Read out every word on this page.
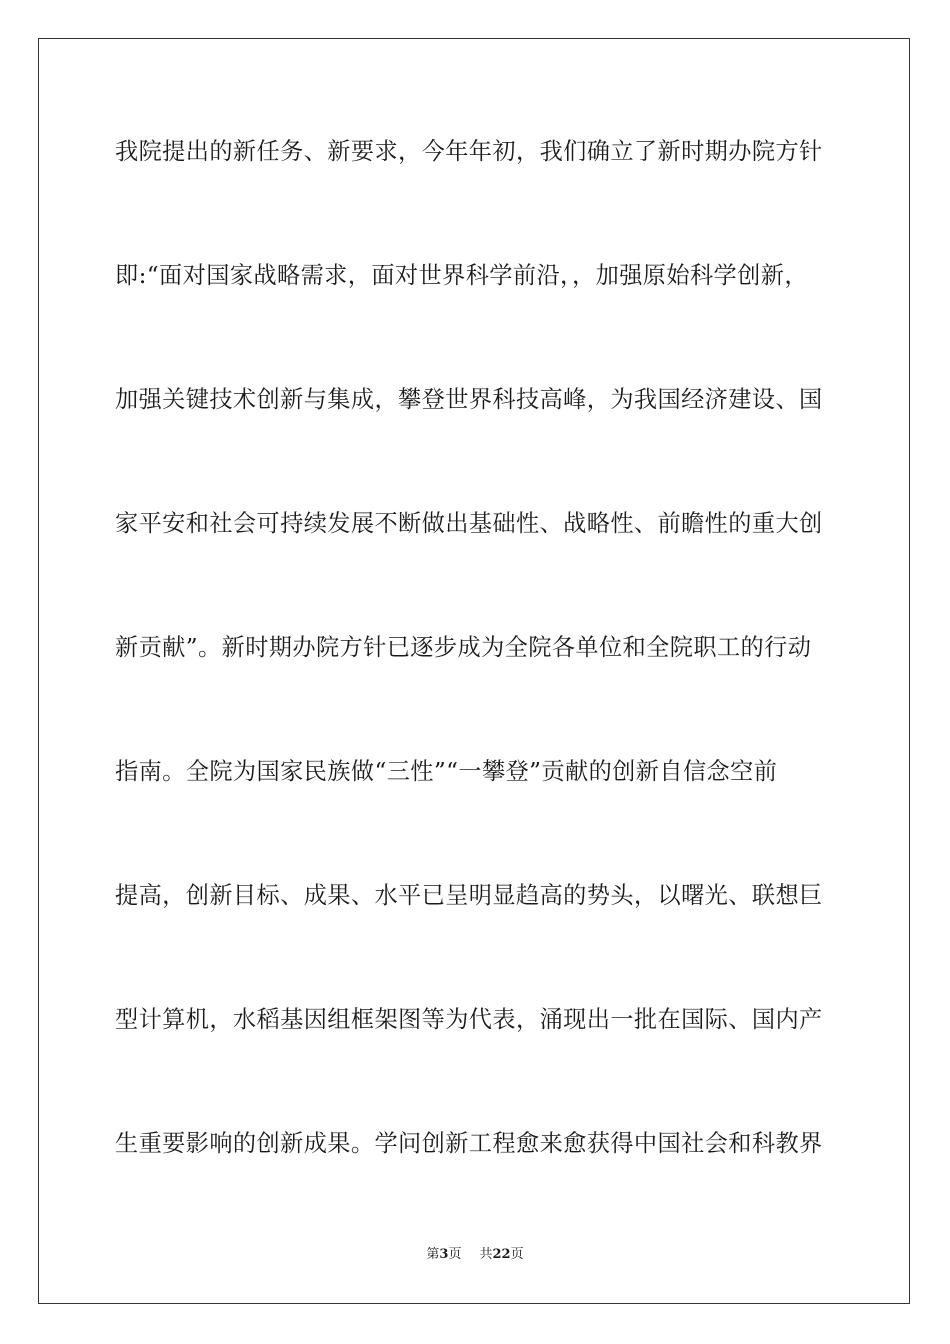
我院提出的新任务、新要求，今年年初，我们确立了新时期办院方针
即:“面对国家战略需求，面对世界科学前沿，，加强原始科学创新，
加强关键技术创新与集成，攀登世界科技高峰，为我国经济建设、国
家平安和社会可持续发展不断做出基础性、战略性、前瞻性的重大创
新贡献”。新时期办院方针已逐步成为全院各单位和全院职工的行动
指南。全院为国家民族做“三性”“一攀登”贡献的创新自信念空前
提高，创新目标、成果、水平已呈明显趋高的势头，以曙光、联想巨
型计算机，水稻基因组框架图等为代表，涌现出一批在国际、国内产
生重要影响的创新成果。学问创新工程愈来愈获得中国社会和科教界
第3页 共22页
